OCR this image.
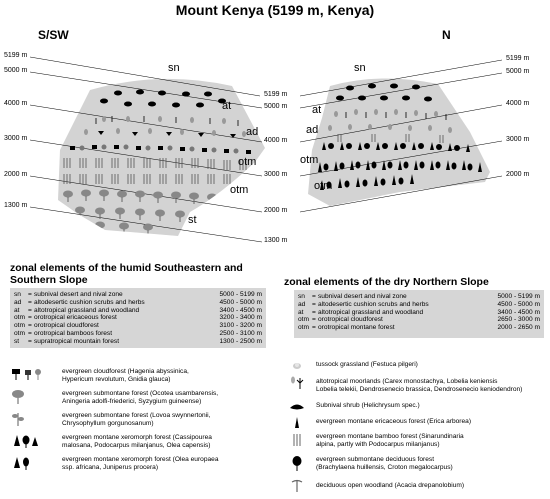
Mount Kenya (5199 m, Kenya)
S/SW	N
5199 m
5000 m
4000 m
3000 m
2000 m
1300 m
5199 m
5000 m
4000 m
3000 m
2000 m
1300 m
5199 m
5000 m
4000 m
3000 m
2000 m
sn
at
ad
otm
otm
st
sn
at
ad
otm
otm
zonal elements of the humid Southeastern and Southern Slope
sn	= subnival desert and nival zone	5000 - 5199 m
ad	= altodesertic cushion scrubs and herbs	4500 - 5000 m
at	= altotropical grassland and woodland	3400 - 4500 m
otm = orotropical ericaceous forest	3200 - 3400 m
otm = orotropical cloudforest	3100 - 3200 m
otm = orotropical bamboos forest	2500 - 3100 m
st	= supratropical mountain forest	1300 - 2500 m
zonal elements of the dry Northern Slope
sn	= subnival desert and nival zone	5000 - 5199 m
ad	= altodesertic cushion scrubs and herbs	4500 - 5000 m
at	= altotropical grassland and woodland	3400 - 4500 m
otm = orotropical cloudforest	2650 - 3000 m
otm = orotropical montane forest	2000 - 2650 m
evergreen cloudforest (Hagenia abyssinica,
Hypericum revolutum, Gnidia glauca)
evergreen submontane forest (Ocotea usambarensis,
Aningeria adolfi-friederici, Syzygium guineense)
evergreen submontane forest (Lovoa swynnertonii,
Chrysophyllum gorgunosanum)
evergreen montane xeromorph forest (Cassipourea
malosana, Podocarpus milanjanus, Olea capensis)
evergreen montane xeromorph forest (Olea europaea
ssp. africana, Juniperus procera)
tussock grassland (Festuca pilgeri)
altotropical moorlands (Carex monostachya, Lobelia keniensis
Lobelia telekii, Dendrosenecio brassica, Dendrosenecio keniodendron)
Subnival shrub (Helichrysum spec.)
evergreen montane ericaceous forest (Erica arborea)
evergreen montane bamboo forest (Sinarundinaria
alpina, partly with Podocarpus milanjanus)
evergreen submontane deciduous forest
(Brachylaena huillensis, Croton megalocarpus)
deciduous open woodland (Acacia drepanolobium)
